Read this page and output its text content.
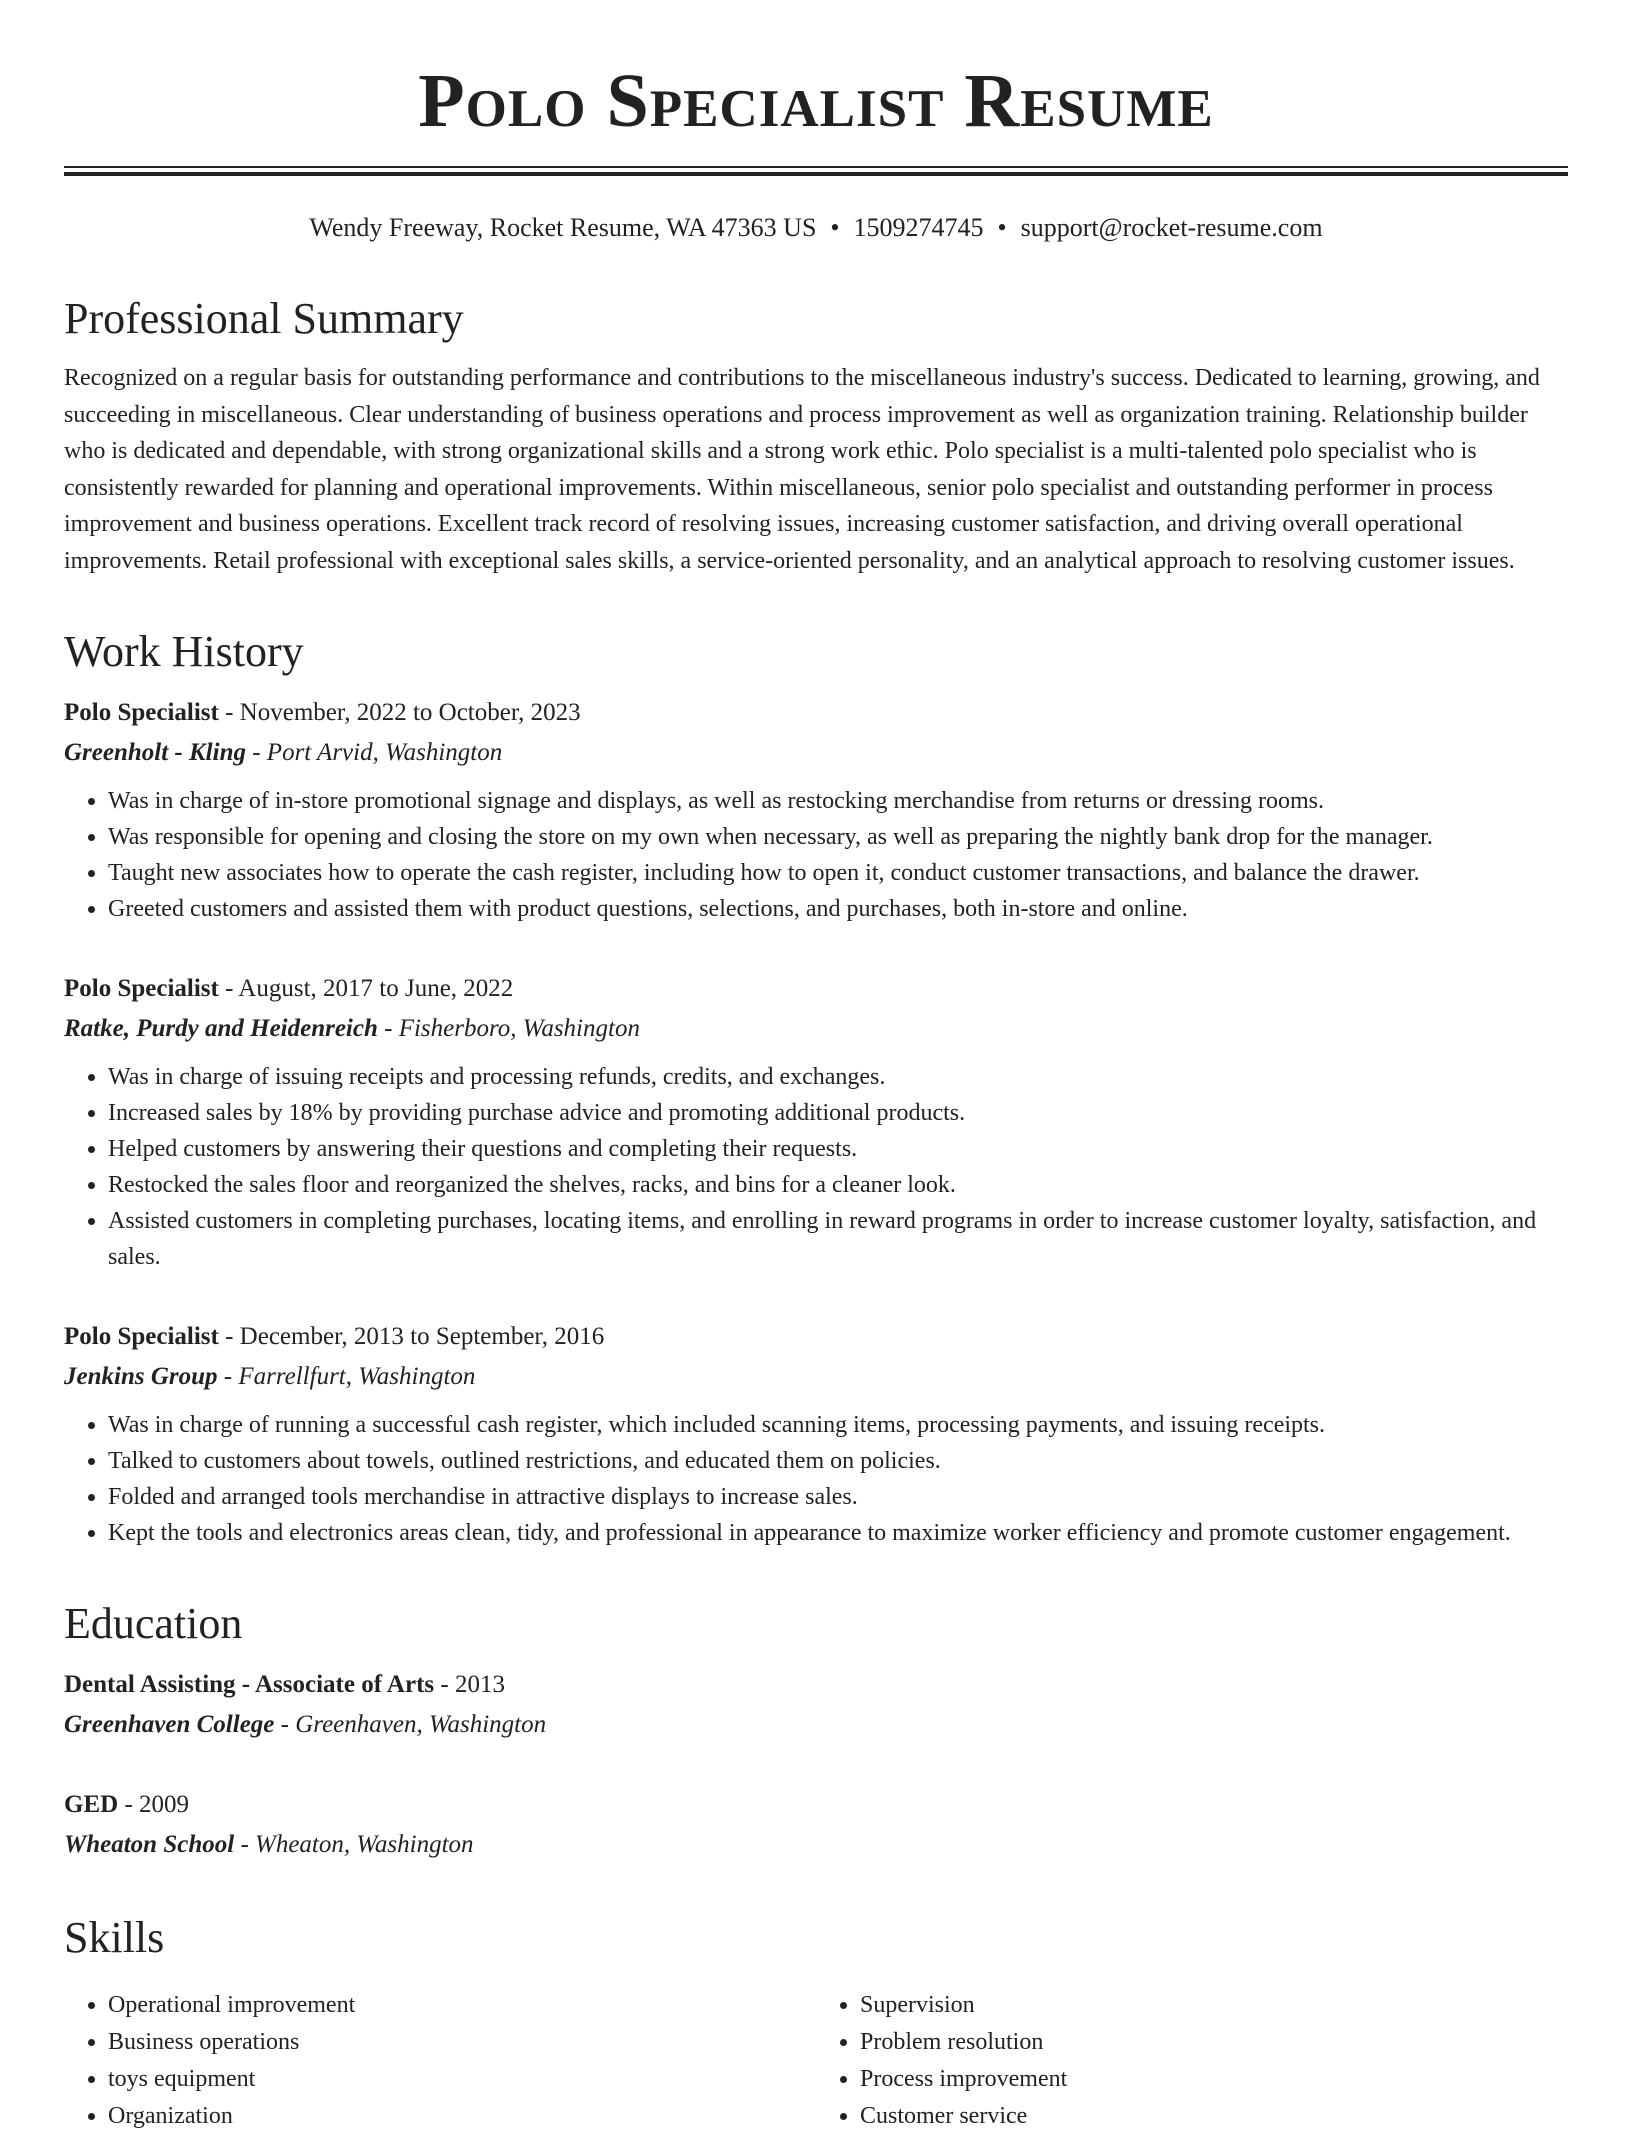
Polo Specialist Resume
Wendy Freeway, Rocket Resume, WA 47363 US • 1509274745 • support@rocket-resume.com
Professional Summary

Recognized on a regular basis for outstanding performance and contributions to the miscellaneous industry's success. Dedicated to learning, growing, and succeeding in miscellaneous. Clear understanding of business operations and process improvement as well as organization training. Relationship builder who is dedicated and dependable, with strong organizational skills and a strong work ethic. Polo specialist is a multi-talented polo specialist who is consistently rewarded for planning and operational improvements. Within miscellaneous, senior polo specialist and outstanding performer in process improvement and business operations. Excellent track record of resolving issues, increasing customer satisfaction, and driving overall operational improvements. Retail professional with exceptional sales skills, a service-oriented personality, and an analytical approach to resolving customer issues.

Work History
Polo Specialist - November, 2022 to October, 2023
Greenholt - Kling - Port Arvid, Washington
• Was in charge of in-store promotional signage and displays, as well as restocking merchandise from returns or dressing rooms.
• Was responsible for opening and closing the store on my own when necessary, as well as preparing the nightly bank drop for the manager.
• Taught new associates how to operate the cash register, including how to open it, conduct customer transactions, and balance the drawer.
• Greeted customers and assisted them with product questions, selections, and purchases, both in-store and online.
Polo Specialist - August, 2017 to June, 2022
Ratke, Purdy and Heidenreich - Fisherboro, Washington
• Was in charge of issuing receipts and processing refunds, credits, and exchanges.
• Increased sales by 18% by providing purchase advice and promoting additional products.
• Helped customers by answering their questions and completing their requests.
• Restocked the sales floor and reorganized the shelves, racks, and bins for a cleaner look.
• Assisted customers in completing purchases, locating items, and enrolling in reward programs in order to increase customer loyalty, satisfaction, and sales.
Polo Specialist - December, 2013 to September, 2016
Jenkins Group - Farrellfurt, Washington
• Was in charge of running a successful cash register, which included scanning items, processing payments, and issuing receipts.
• Talked to customers about towels, outlined restrictions, and educated them on policies.
• Folded and arranged tools merchandise in attractive displays to increase sales.
• Kept the tools and electronics areas clean, tidy, and professional in appearance to maximize worker efficiency and promote customer engagement.
Education
Dental Assisting - Associate of Arts - 2013
Greenhaven College - Greenhaven, Washington
GED - 2009
Wheaton School - Wheaton, Washington
Skills
• Operational improvement
• Business operations
• toys equipment
• Organization
• Supervision
• Problem resolution
• Process improvement
• Customer service
